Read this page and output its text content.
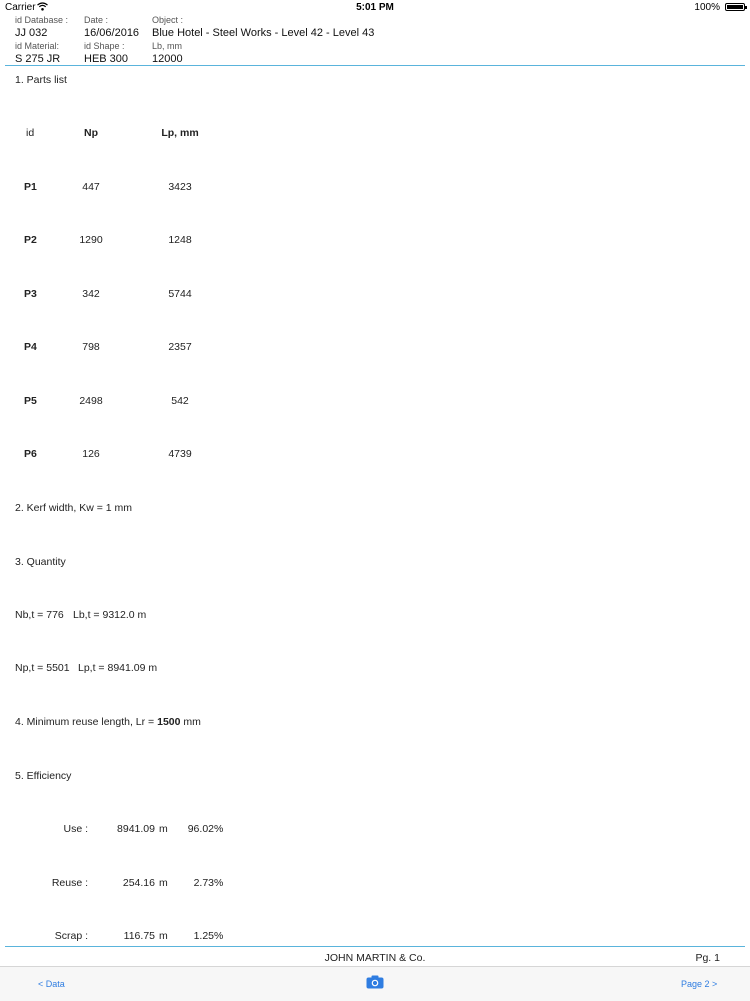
Carrier	5:01 PM	100%
id Database :
JJ 032
Date :
16/06/2016
Object :
Blue Hotel - Steel Works - Level 42 - Level 43
id Material:
S 275 JR
id Shape :
HEB 300
Lb, mm
12000
1. Parts list
id	Np	Lp, mm
P1	447	3423
P2	1290	1248
P3	342	5744
P4	798	2357
P5	2498	542
P6	126	4739
2. Kerf width, Kw = 1 mm
3. Quantity
Nb,t = 776 Lb,t = 9312.0 m
Np,t = 5501 Lp,t = 8941.09 m
4. Minimum reuse length, Lr = 1500 mm
5. Efficiency
Use :	8941.09 m	96.02 %
Reuse :	254.16 m	2.73 %
Scrap :	116.75 m	1.25 %
JOHN MARTIN & Co.	Pg. 1
< Data	Page 2 >
